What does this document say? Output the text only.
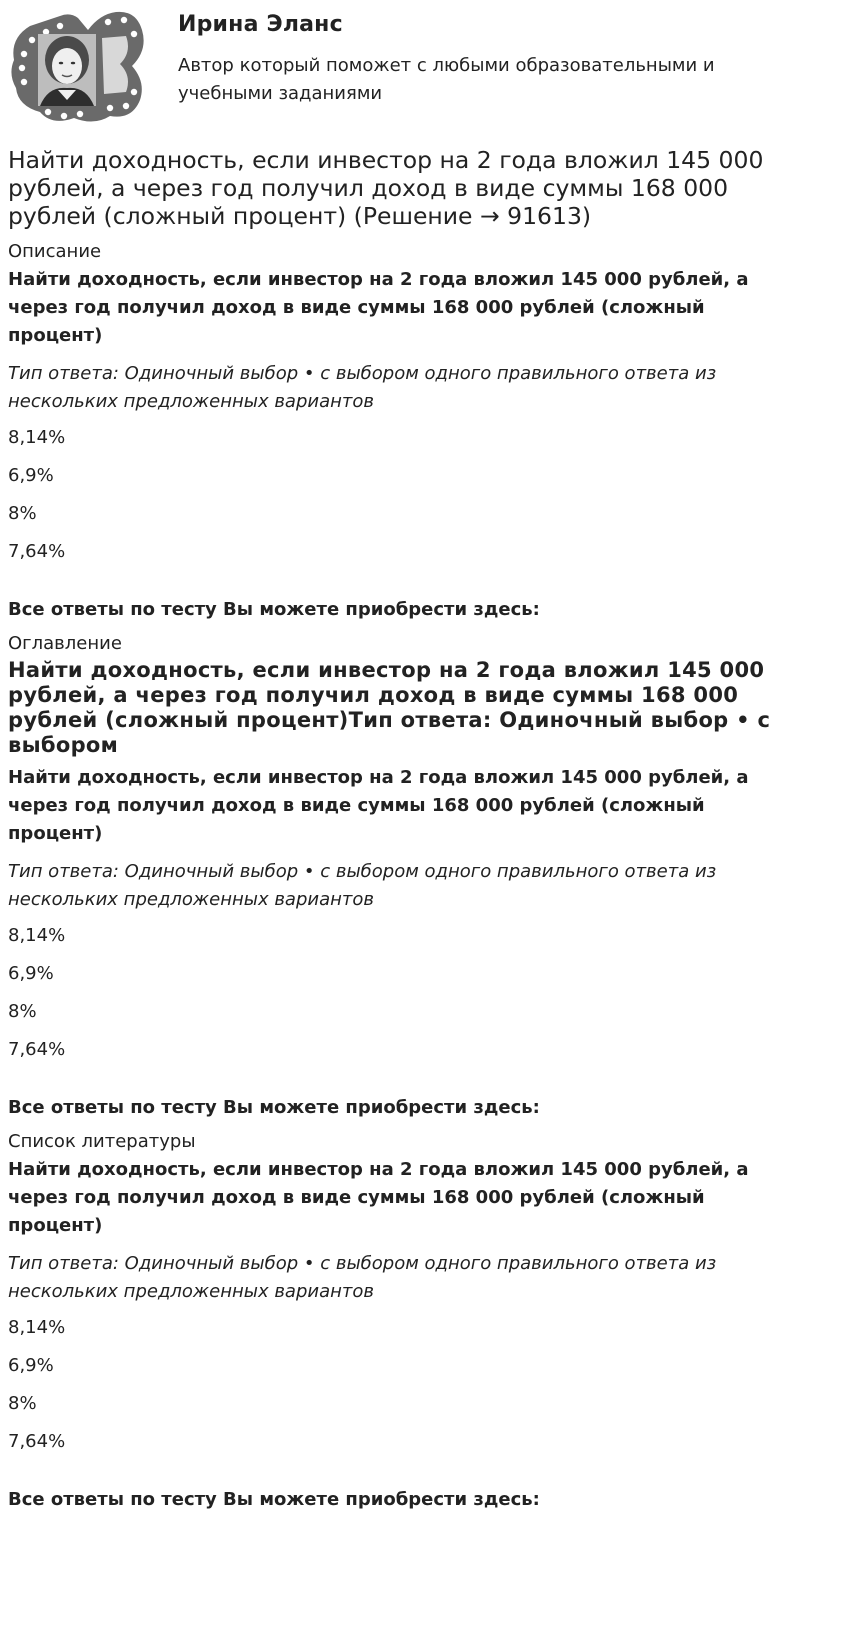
Ирина Эланс
Автор который поможет с любыми образовательными и учебными заданиями
Найти доходность, если инвестор на 2 года вложил 145 000 рублей, а через год получил доход в виде суммы 168 000 рублей (сложный процент) (Решение → 91613)
Описание
Найти доходность, если инвестор на 2 года вложил 145 000 рублей, а через год получил доход в виде суммы 168 000 рублей (сложный процент)
Тип ответа: Одиночный выбор • с выбором одного правильного ответа из нескольких предложенных вариантов
8,14%
6,9%
8%
7,64%
Все ответы по тесту Вы можете приобрести здесь:
Оглавление
Найти доходность, если инвестор на 2 года вложил 145 000 рублей, а через год получил доход в виде суммы 168 000 рублей (сложный процент)Тип ответа: Одиночный выбор • с выбором
Найти доходность, если инвестор на 2 года вложил 145 000 рублей, а через год получил доход в виде суммы 168 000 рублей (сложный процент)
Тип ответа: Одиночный выбор • с выбором одного правильного ответа из нескольких предложенных вариантов
8,14%
6,9%
8%
7,64%
Все ответы по тесту Вы можете приобрести здесь:
Список литературы
Найти доходность, если инвестор на 2 года вложил 145 000 рублей, а через год получил доход в виде суммы 168 000 рублей (сложный процент)
Тип ответа: Одиночный выбор • с выбором одного правильного ответа из нескольких предложенных вариантов
8,14%
6,9%
8%
7,64%
Все ответы по тесту Вы можете приобрести здесь:
